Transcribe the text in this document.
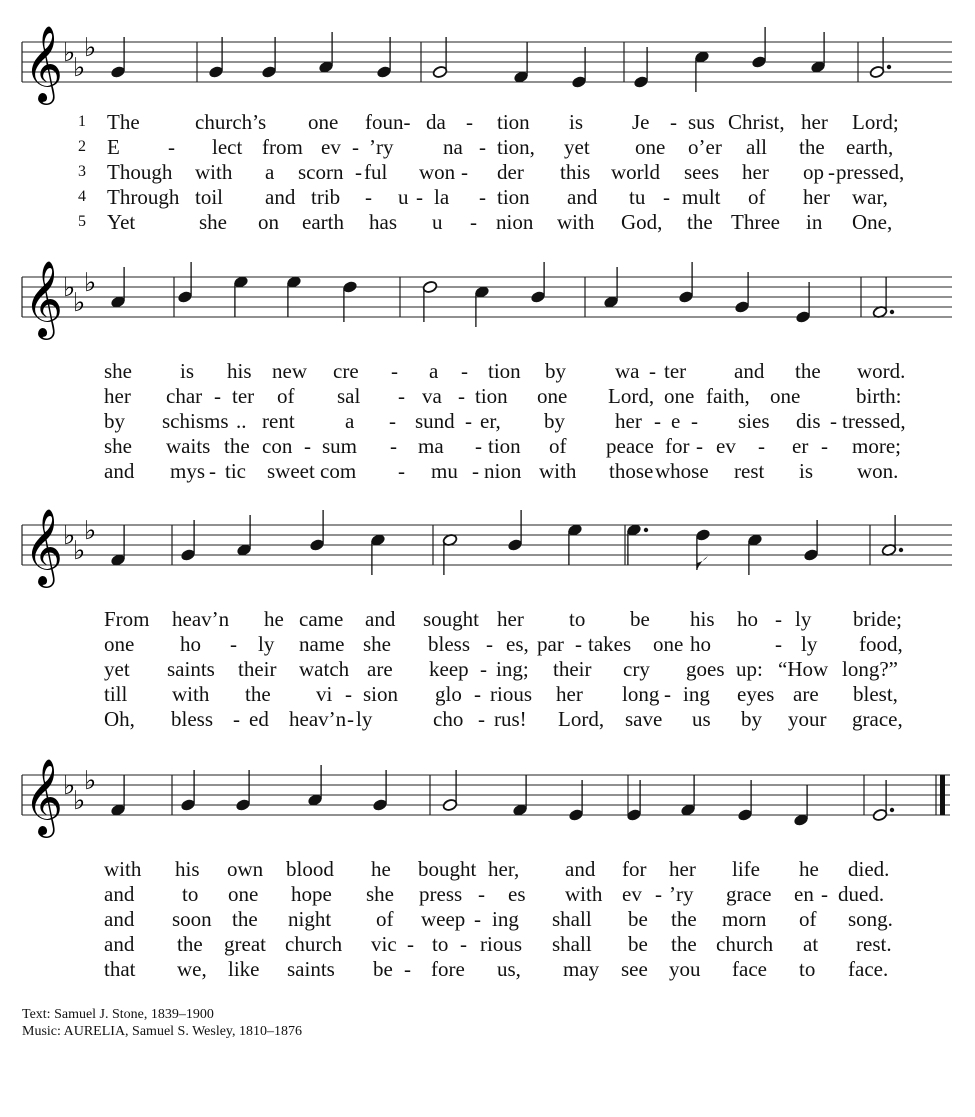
𝄞 ♭
♭
♭
𝄞 ♭
♭
♭
𝄞 ♭
♭
♭
𝄞 ♭
♭
♭
1 The	church’s one foun- da - tion is Je - sus Christ, her Lord;
2 E - lect from ev - ’ry na - tion, yet one o’er all the earth,
3 Though with a scorn - ful won - der this world sees her op - pressed,
4 Through toil and trib - u - la - tion and tu - mult of her war,
5 Yet	she on earth has u - nion with God, the Three in One,
she is his new cre - a - tion by wa - ter and the word.
her char - ter of sal - va - tion one Lord, one faith, one	birth:
by schisms .. rent a - sund - er, by her - e - sies dis - tressed,
she waits the con - sum - ma - tion of peace for - ev - er - more;
and mys - tic sweet com - mu - nion with those whose rest is won.
From heav’n he came and sought her to be his ho - ly bride;
one ho - ly name she bless - es, par - takes one ho	- ly food,
yet saints their watch are keep - ing; their cry goes up: “How long?”
till with the vi - sion glo - rious her long - ing eyes are blest,
Oh, bless - ed heav’n - ly	cho - rus! Lord, save us by your grace,
with his own blood he bought her, and for her life he died.
and to one hope she press - es with ev - ’ry grace en - dued.
and soon the night of weep - ing shall be the morn of song.
and the great church vic - to - rious shall be the church at rest.
that we, like saints be - fore us, may see you face to face.
Text: Samuel J. Stone, 1839–1900
Music: AURELIA, Samuel S. Wesley, 1810–1876
